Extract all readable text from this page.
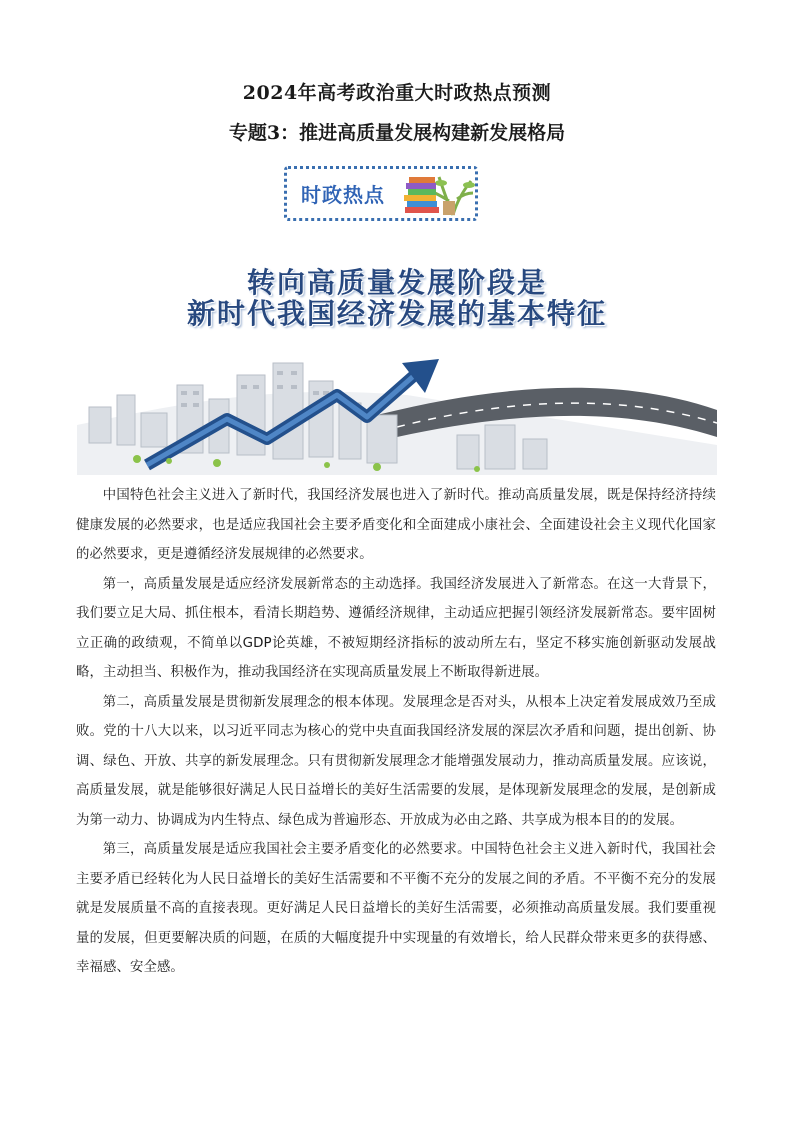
2024年高考政治重大时政热点预测
专题3：推进高质量发展构建新发展格局
时政热点
转向高质量发展阶段是
新时代我国经济发展的基本特征

中国特色社会主义进入了新时代，我国经济发展也进入了新时代。推动高质量发展，既是保持经济持续健康发展的必然要求，也是适应我国社会主要矛盾变化和全面建成小康社会、全面建设社会主义现代化国家的必然要求，更是遵循经济发展规律的必然要求。

第一，高质量发展是适应经济发展新常态的主动选择。我国经济发展进入了新常态。在这一大背景下，我们要立足大局、抓住根本，看清长期趋势、遵循经济规律，主动适应把握引领经济发展新常态。要牢固树立正确的政绩观，不简单以GDP论英雄，不被短期经济指标的波动所左右，坚定不移实施创新驱动发展战略，主动担当、积极作为，推动我国经济在实现高质量发展上不断取得新进展。

第二，高质量发展是贯彻新发展理念的根本体现。发展理念是否对头，从根本上决定着发展成效乃至成败。党的十八大以来，以习近平同志为核心的党中央直面我国经济发展的深层次矛盾和问题，提出创新、协调、绿色、开放、共享的新发展理念。只有贯彻新发展理念才能增强发展动力，推动高质量发展。应该说，高质量发展，就是能够很好满足人民日益增长的美好生活需要的发展，是体现新发展理念的发展，是创新成为第一动力、协调成为内生特点、绿色成为普遍形态、开放成为必由之路、共享成为根本目的的发展。

第三，高质量发展是适应我国社会主要矛盾变化的必然要求。中国特色社会主义进入新时代，我国社会主要矛盾已经转化为人民日益增长的美好生活需要和不平衡不充分的发展之间的矛盾。不平衡不充分的发展就是发展质量不高的直接表现。更好满足人民日益增长的美好生活需要，必须推动高质量发展。我们要重视量的发展，但更要解决质的问题，在质的大幅度提升中实现量的有效增长，给人民群众带来更多的获得感、幸福感、安全感。
